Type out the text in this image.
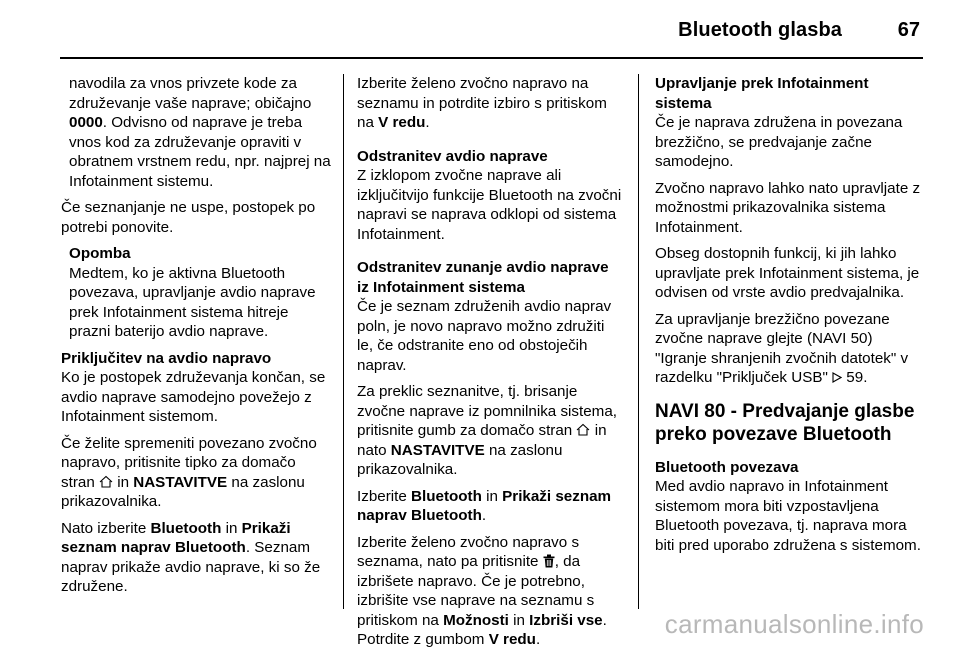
Bluetooth glasba	67

navodila za vnos privzete kode za združevanje vaše naprave; običajno 0000. Odvisno od naprave je treba vnos kod za združevanje opraviti v obratnem vrstnem redu, npr. najprej na Infotainment sistemu.

Če seznanjanje ne uspe, postopek po potrebi ponovite.

Opomba
Medtem, ko je aktivna Bluetooth povezava, upravljanje avdio naprave prek Infotainment sistema hitreje prazni baterijo avdio naprave.

Priključitev na avdio napravo

Ko je postopek združevanja končan, se avdio naprave samodejno povežejo z Infotainment sistemom.

Če želite spremeniti povezano zvočno napravo, pritisnite tipko za domačo stran  in NASTAVITVE na zaslonu prikazovalnika.

Nato izberite Bluetooth in Prikaži seznam naprav Bluetooth. Seznam naprav prikaže avdio naprave, ki so že združene.

Izberite želeno zvočno napravo na seznamu in potrdite izbiro s pritiskom na V redu.

Odstranitev avdio naprave

Z izklopom zvočne naprave ali izključitvijo funkcije Bluetooth na zvočni napravi se naprava odklopi od sistema Infotainment.

Odstranitev zunanje avdio naprave iz Infotainment sistema

Če je seznam združenih avdio naprav poln, je novo napravo možno združiti le, če odstranite eno od obstoječih naprav.

Za preklic seznanitve, tj. brisanje zvočne naprave iz pomnilnika sistema, pritisnite gumb za domačo stran  in nato NASTAVITVE na zaslonu prikazovalnika.

Izberite Bluetooth in Prikaži seznam naprav Bluetooth.

Izberite želeno zvočno napravo s seznama, nato pa pritisnite , da izbrišete napravo. Če je potrebno, izbrišite vse naprave na seznamu s pritiskom na Možnosti in Izbriši vse. Potrdite z gumbom V redu.

Upravljanje prek Infotainment sistema

Če je naprava združena in povezana brezžično, se predvajanje začne samodejno.

Zvočno napravo lahko nato upravljate z možnostmi prikazovalnika sistema Infotainment.

Obseg dostopnih funkcij, ki jih lahko upravljate prek Infotainment sistema, je odvisen od vrste avdio predvajalnika.

Za upravljanje brezžično povezane zvočne naprave glejte (NAVI 50) "Igranje shranjenih zvočnih datotek" v razdelku "Priključek USB"  59.

NAVI 80 - Predvajanje glasbe preko povezave Bluetooth

Bluetooth povezava

Med avdio napravo in Infotainment sistemom mora biti vzpostavljena Bluetooth povezava, tj. naprava mora biti pred uporabo združena s sistemom.

carmanualsonline.info
